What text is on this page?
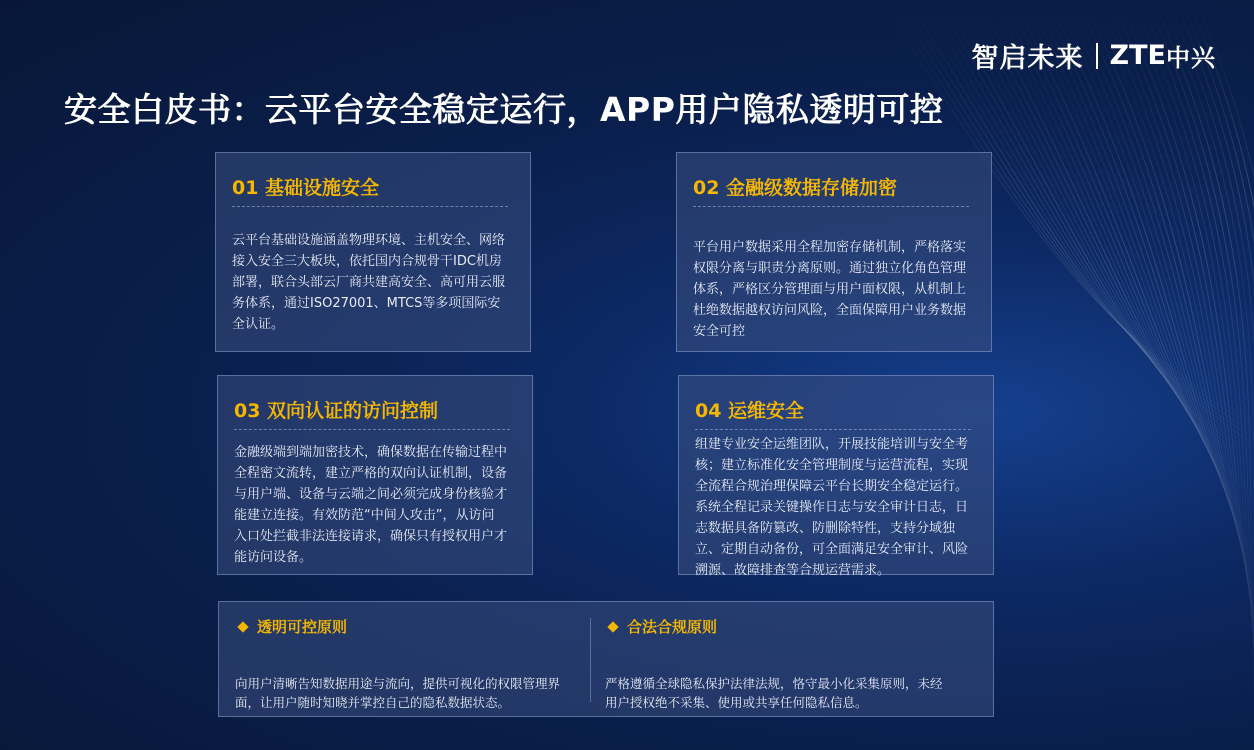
智启未来 ZTE 中兴
安全白皮书：云平台安全稳定运行，APP用户隐私透明可控
01 基础设施安全
云平台基础设施涵盖物理环境、主机安全、网络
接入安全三大板块，依托国内合规骨干IDC机房
部署，联合头部云厂商共建高安全、高可用云服
务体系，通过ISO27001、MTCS等多项国际安
全认证。
02 金融级数据存储加密
平台用户数据采用全程加密存储机制，严格落实
权限分离与职责分离原则。通过独立化角色管理
体系，严格区分管理面与用户面权限，从机制上
杜绝数据越权访问风险，全面保障用户业务数据
安全可控
03 双向认证的访问控制
金融级端到端加密技术，确保数据在传输过程中
全程密文流转，建立严格的双向认证机制，设备
与用户端、设备与云端之间必须完成身份核验才
能建立连接。有效防范“中间人攻击”，从访问
入口处拦截非法连接请求，确保只有授权用户才
能访问设备。
04 运维安全
组建专业安全运维团队，开展技能培训与安全考
核；建立标准化安全管理制度与运营流程，实现
全流程合规治理保障云平台长期安全稳定运行。
系统全程记录关键操作日志与安全审计日志，日
志数据具备防篡改、防删除特性，支持分域独
立、定期自动备份，可全面满足安全审计、风险
溯源、故障排查等合规运营需求。
透明可控原则
向用户清晰告知数据用途与流向，提供可视化的权限管理界
面，让用户随时知晓并掌控自己的隐私数据状态。
合法合规原则
严格遵循全球隐私保护法律法规，恪守最小化采集原则，未经
用户授权绝不采集、使用或共享任何隐私信息。
